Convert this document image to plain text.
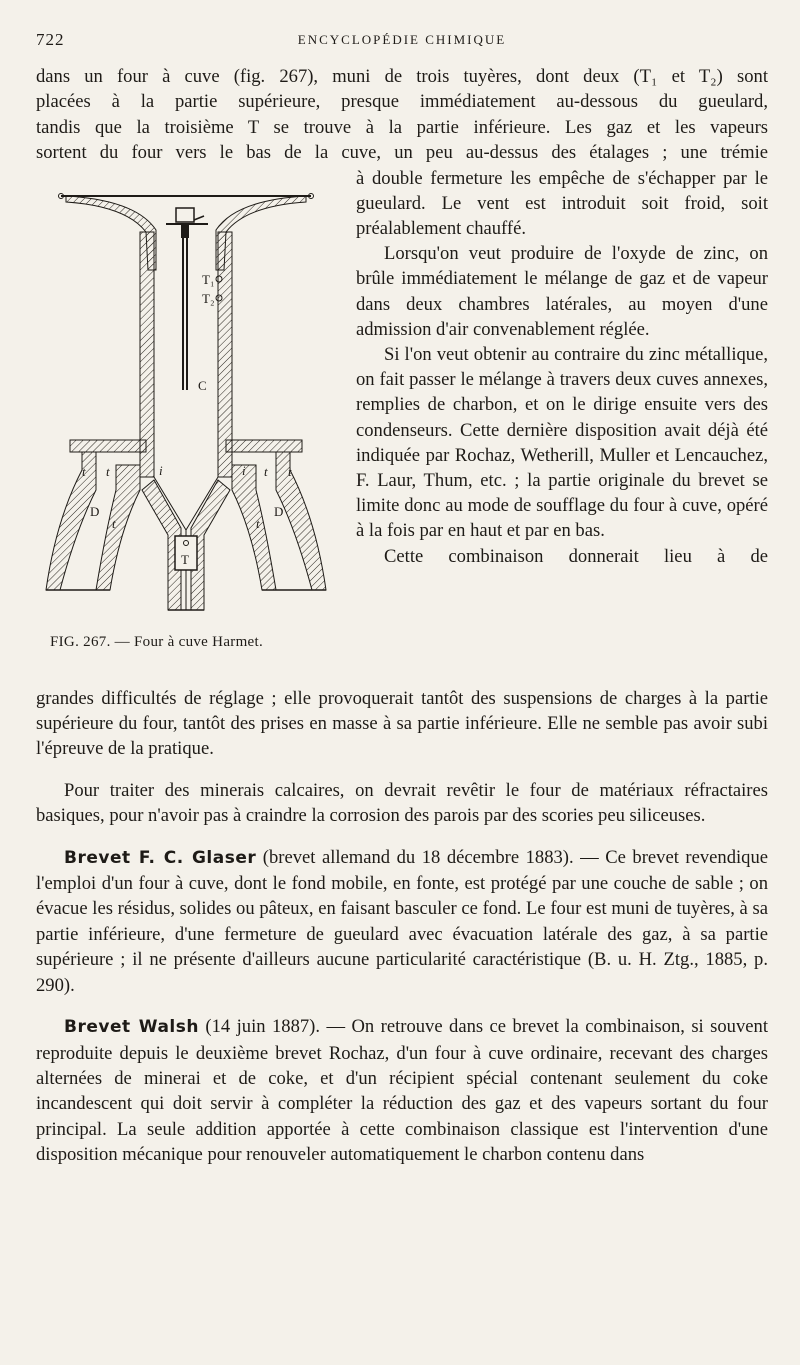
722	ENCYCLOPÉDIE CHIMIQUE

dans un four à cuve (fig. 267), muni de trois tuyères, dont deux (T₁ et T₂) sont

placées à la partie supérieure, presque immédiatement au-dessous du gueulard,

tandis que la troisième T se trouve à la partie inférieure. Les gaz et les vapeurs

sortent du four vers le bas de la cuve, un peu au-dessus des étalages ; une trémie

T₁
T₂
C
T
t t	i
D
t
i t t
D
t
FIG. 267. — Four à cuve Harmet.

à double fermeture les empêche de s'échapper par le gueulard. Le vent est introduit soit froid, soit préalablement chauffé.

Lorsqu'on veut produire de l'oxyde de zinc, on brûle immédiatement le mélange de gaz et de vapeur dans deux chambres latérales, au moyen d'une admission d'air convenablement réglée.

Si l'on veut obtenir au contraire du zinc métallique, on fait passer le mélange à travers deux cuves annexes, remplies de charbon, et on le dirige ensuite vers des condenseurs. Cette dernière disposition avait déjà été indiquée par Rochaz, Wetherill, Muller et Lencauchez, F. Laur, Thum, etc. ; la partie originale du brevet se limite donc au mode de soufflage du four à cuve, opéré à la fois par en haut et par en bas.

Cette combinaison donnerait lieu à de

grandes difficultés de réglage ; elle provoquerait tantôt des suspensions de charges à la partie supérieure du four, tantôt des prises en masse à sa partie inférieure. Elle ne semble pas avoir subi l'épreuve de la pratique.

Pour traiter des minerais calcaires, on devrait revêtir le four de matériaux réfractaires basiques, pour n'avoir pas à craindre la corrosion des parois par des scories peu siliceuses.

Brevet F. C. Glaser (brevet allemand du 18 décembre 1883). — Ce brevet revendique l'emploi d'un four à cuve, dont le fond mobile, en fonte, est protégé par une couche de sable ; on évacue les résidus, solides ou pâteux, en faisant basculer ce fond. Le four est muni de tuyères, à sa partie inférieure, d'une fermeture de gueulard avec évacuation latérale des gaz, à sa partie supérieure ; il ne présente d'ailleurs aucune particularité caractéristique (B. u. H. Ztg., 1885, p. 290).

Brevet Walsh (14 juin 1887). — On retrouve dans ce brevet la combinaison, si souvent reproduite depuis le deuxième brevet Rochaz, d'un four à cuve ordinaire, recevant des charges alternées de minerai et de coke, et d'un récipient spécial contenant seulement du coke incandescent qui doit servir à compléter la réduction des gaz et des vapeurs sortant du four principal. La seule addition apportée à cette combinaison classique est l'intervention d'une disposition mécanique pour renouveler automatiquement le charbon contenu dans
